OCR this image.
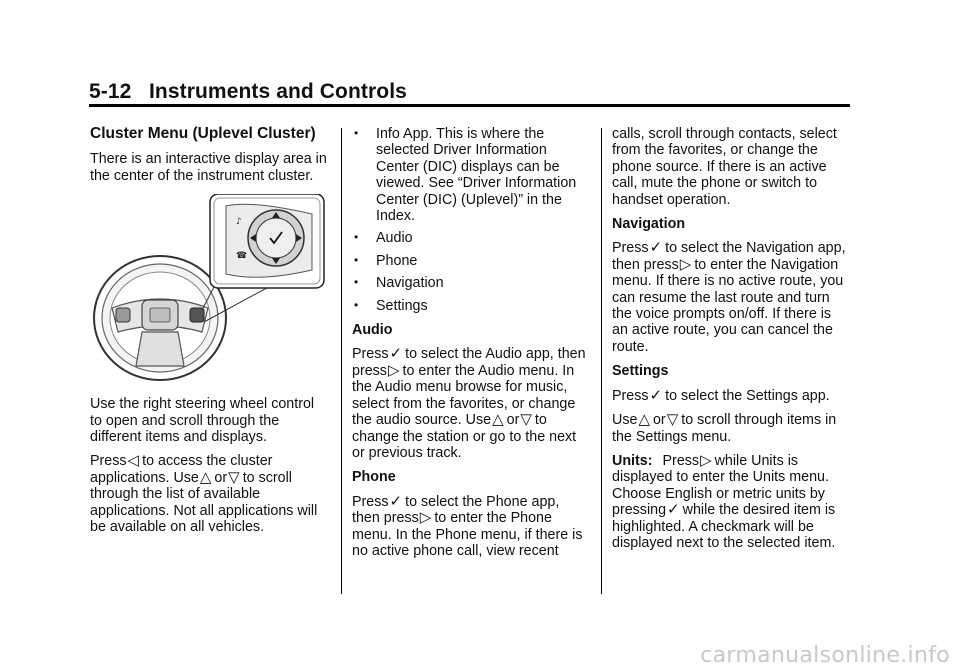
5-12 Instruments and Controls
Cluster Menu (Uplevel Cluster)

There is an interactive display area in the center of the instrument cluster.

♪
☎

Use the right steering wheel control to open and scroll through the different items and displays.

Press◁ to access the cluster applications. Use△ or▽ to scroll through the list of available applications. Not all applications will be available on all vehicles.

• Info App. This is where the selected Driver Information Center (DIC) displays can be viewed. See “Driver Information Center (DIC) (Uplevel)” in the Index.
• Audio
• Phone
• Navigation
• Settings
Audio

Press✓ to select the Audio app, then press▷ to enter the Audio menu. In the Audio menu browse for music, select from the favorites, or change the audio source. Use△ or▽ to change the station or go to the next or previous track.

Phone

Press✓ to select the Phone app, then press▷ to enter the Phone menu. In the Phone menu, if there is no active phone call, view recent

calls, scroll through contacts, select from the favorites, or change the phone source. If there is an active call, mute the phone or switch to handset operation.

Navigation

Press✓ to select the Navigation app, then press▷ to enter the Navigation menu. If there is no active route, you can resume the last route and turn the voice prompts on/off. If there is an active route, you can cancel the route.

Settings

Press✓ to select the Settings app.

Use△ or▽ to scroll through items in the Settings menu.

Units: Press▷ while Units is displayed to enter the Units menu. Choose English or metric units by pressing✓ while the desired item is highlighted. A checkmark will be displayed next to the selected item.

carmanualsonline.info
